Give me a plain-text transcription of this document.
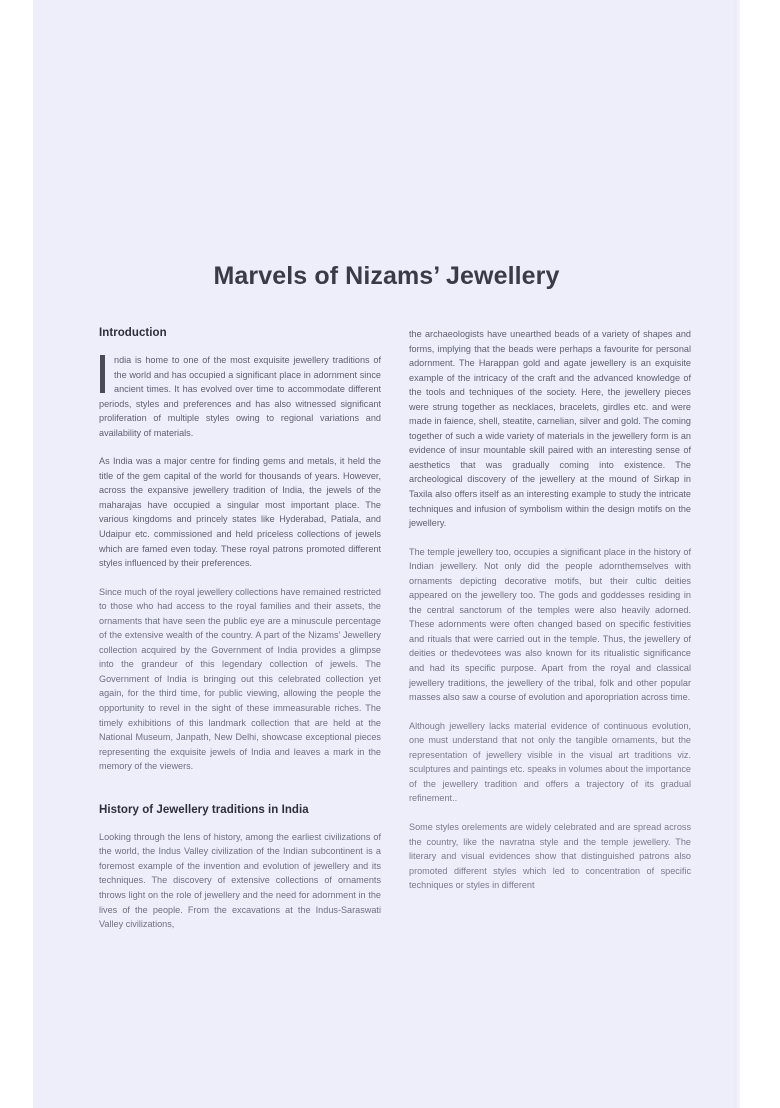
Marvels of Nizams’ Jewellery
Introduction

ndia is home to one of the most exquisite jewellery traditions of the world and has occupied a significant place in adornment since ancient times. It has evolved over time to accommodate different periods, styles and preferences and has also witnessed significant proliferation of multiple styles owing to regional variations and availability of materials.

As India was a major centre for finding gems and metals, it held the title of the gem capital of the world for thousands of years. However, across the expansive jewellery tradition of India, the jewels of the maharajas have occupied a singular most important place. The various kingdoms and princely states like Hyderabad, Patiala, and Udaipur etc. commissioned and held priceless collections of jewels which are famed even today. These royal patrons promoted different styles influenced by their preferences.

Since much of the royal jewellery collections have remained restricted to those who had access to the royal families and their assets, the ornaments that have seen the public eye are a minuscule percentage of the extensive wealth of the country. A part of the Nizams’ Jewellery collection acquired by the Government of India provides a glimpse into the grandeur of this legendary collection of jewels. The Government of India is bringing out this celebrated collection yet again, for the third time, for public viewing, allowing the people the opportunity to revel in the sight of these immeasurable riches. The timely exhibitions of this landmark collection that are held at the National Museum, Janpath, New Delhi, showcase exceptional pieces representing the exquisite jewels of India and leaves a mark in the memory of the viewers.

History of Jewellery traditions in India

Looking through the lens of history, among the earliest civilizations of the world, the Indus Valley civilization of the Indian subcontinent is a foremost example of the invention and evolution of jewellery and its techniques. The discovery of extensive collections of ornaments throws light on the role of jewellery and the need for adornment in the lives of the people. From the excavations at the Indus-Saraswati Valley civilizations,

the archaeologists have unearthed beads of a variety of shapes and forms, implying that the beads were perhaps a favourite for personal adornment. The Harappan gold and agate jewellery is an exquisite example of the intricacy of the craft and the advanced knowledge of the tools and techniques of the society. Here, the jewellery pieces were strung together as necklaces, bracelets, girdles etc. and were made in faience, shell, steatite, carnelian, silver and gold. The coming together of such a wide variety of materials in the jewellery form is an evidence of insur mountable skill paired with an interesting sense of aesthetics that was gradually coming into existence. The archeological discovery of the jewellery at the mound of Sirkap in Taxila also offers itself as an interesting example to study the intricate techniques and infusion of symbolism within the design motifs on the jewellery.

The temple jewellery too, occupies a significant place in the history of Indian jewellery. Not only did the people adornthemselves with ornaments depicting decorative motifs, but their cultic deities appeared on the jewellery too. The gods and goddesses residing in the central sanctorum of the temples were also heavily adorned. These adornments were often changed based on specific festivities and rituals that were carried out in the temple. Thus, the jewellery of deities or thedevotees was also known for its ritualistic significance and had its specific purpose. Apart from the royal and classical jewellery traditions, the jewellery of the tribal, folk and other popular masses also saw a course of evolution and aporopriation across time.

Although jewellery lacks material evidence of continuous evolution, one must understand that not only the tangible ornaments, but the representation of jewellery visible in the visual art traditions viz. sculptures and paintings etc. speaks in volumes about the importance of the jewellery tradition and offers a trajectory of its gradual refinement..

Some styles orelements are widely celebrated and are spread across the country, like the navratna style and the temple jewellery. The literary and visual evidences show that distinguished patrons also promoted different styles which led to concentration of specific techniques or styles in different
